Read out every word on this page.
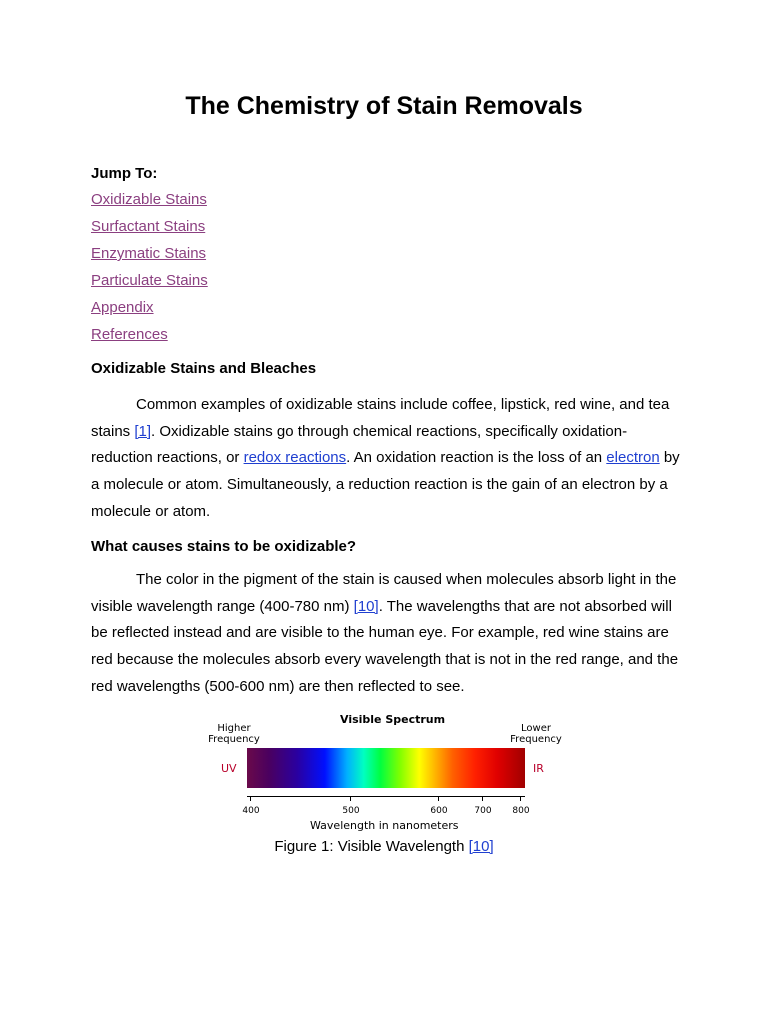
The Chemistry of Stain Removals
Jump To:
Oxidizable Stains
Surfactant Stains
Enzymatic Stains
Particulate Stains
Appendix
References
Oxidizable Stains and Bleaches
Common examples of oxidizable stains include coffee, lipstick, red wine, and tea stains [1]. Oxidizable stains go through chemical reactions, specifically oxidation-reduction reactions, or redox reactions. An oxidation reaction is the loss of an electron by a molecule or atom. Simultaneously, a reduction reaction is the gain of an electron by a molecule or atom.
What causes stains to be oxidizable?
The color in the pigment of the stain is caused when molecules absorb light in the visible wavelength range (400-780 nm) [10]. The wavelengths that are not absorbed will be reflected instead and are visible to the human eye. For example, red wine stains are red because the molecules absorb every wavelength that is not in the red range, and the red wavelengths (500-600 nm) are then reflected to see.
Higher Frequency
Visible Spectrum
Lower Frequency
UV	IR
400	500	600	700 800
Wavelength in nanometers
Figure 1: Visible Wavelength [10]
